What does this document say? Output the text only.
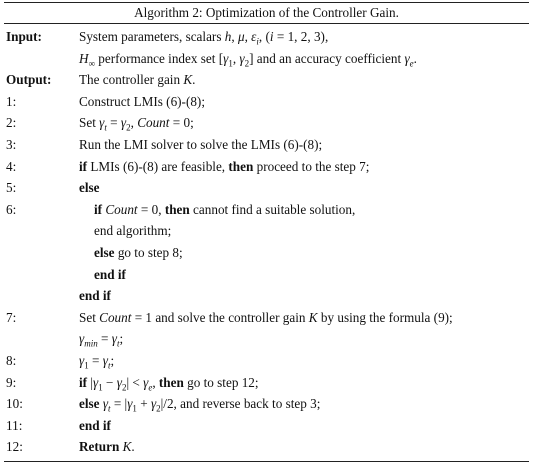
Algorithm 2: Optimization of the Controller Gain.
Input:	System parameters, scalars h, μ, $\varepsilon_i$, (i = 1, 2, 3),
$H_\infty$ performance index set [$\gamma_1$, $\gamma_2$] and an accuracy coefficient $\gamma_e$.
Output: The controller gain K.
1:	Construct LMIs (6)-(8);
2:	Set $\gamma_t = \gamma_2$, Count = 0;
3:	Run the LMI solver to solve the LMIs (6)-(8);
4:	if LMIs (6)-(8) are feasible, then proceed to the step 7;
5:	else
6:	if Count = 0, then cannot find a suitable solution,
end algorithm;
else go to step 8;
end if
end if
7:	Set Count = 1 and solve the controller gain K by using the formula (9);
$\gamma_{min} = \gamma_t$;
8:	$\gamma_1 = \gamma_t$;
9:	if $|\gamma_1 - \gamma_2| < \gamma_e$, then go to step 12;
10:	else $\gamma_t = |\gamma_1 + \gamma_2|/2$, and reverse back to step 3;
11:	end if
12:	Return K.
